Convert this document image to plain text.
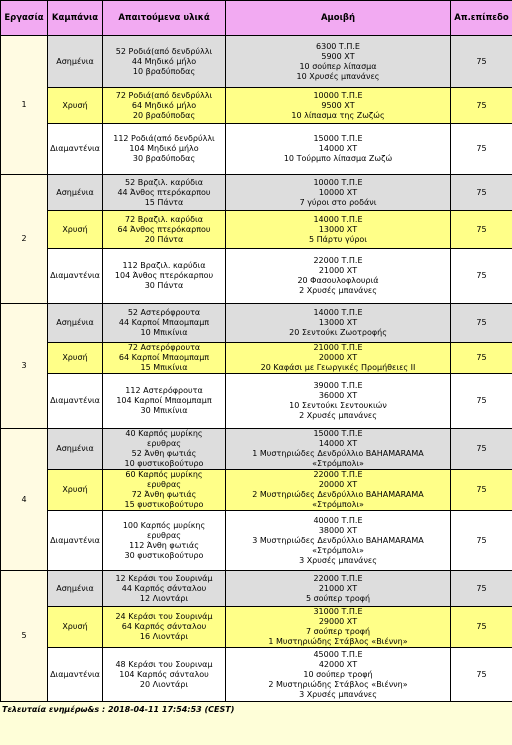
Εργασία	Καμπάνια	Απαιτούμενα υλικά	Αμοιβή	Απ.επίπεδο
1	Ασημένια	52 Ροδιά(από δενδρύλλι
44 Μηδικό μήλο
10 βραδύποδας	6300 Τ.Π.Ε
5900 ΧΤ
10 σούπερ λίπασμα
10 Χρυσές μπανάνες	75
	Χρυσή	72 Ροδιά(από δενδρύλλι
64 Μηδικό μήλο
20 βραδύποδας	10000 Τ.Π.Ε
9500 ΧΤ
10 λίπασμα της Ζωζώς	75
	Διαμαντένια	112 Ροδιά(από δενδρύλλι
104 Μηδικό μήλο
30 βραδύποδας	15000 Τ.Π.Ε
14000 ΧΤ
10 Τούρμπο λίπασμα Ζωζώ	75
2	Ασημένια	52 Βραζιλ. καρύδια
44 Άνθος πτερόκαρπου
15 Πάντα	10000 Τ.Π.Ε
10000 ΧΤ
7 γύροι στο ροδάνι	75
	Χρυσή	72 Βραζιλ. καρύδια
64 Άνθος πτερόκαρπου
20 Πάντα	14000 Τ.Π.Ε
13000 ΧΤ
5 Πάρτυ γύροι	75
	Διαμαντένια	112 Βραζιλ. καρύδια
104 Άνθος πτερόκαρπου
30 Πάντα	22000 Τ.Π.Ε
21000 ΧΤ
20 Φασουλοφλουριά
2 Χρυσές μπανάνες	75
3	Ασημένια	52 Αστερόφρουτα
44 Καρποί Μπαομπαμπ
10 Μπικίνια	14000 Τ.Π.Ε
13000 ΧΤ
20 Σεντούκι Ζωοτροφής	75
	Χρυσή	72 Αστερόφρουτα
64 Καρποί Μπαομπαμπ
15 Μπικίνια	21000 Τ.Π.Ε
20000 ΧΤ
20 Καφάσι με Γεωργικές Προμήθειες II	75
	Διαμαντένια	112 Αστερόφρουτα
104 Καρποί Μπαομπαμπ
30 Μπικίνια	39000 Τ.Π.Ε
36000 ΧΤ
10 Σεντούκι Σεντουκιών
2 Χρυσές μπανάνες	75
4	Ασημένια	40 Καρπός μυρίκης
ερυθρας
52 Άνθη φωτιάς
10 φυστικοβούτυρο	15000 Τ.Π.Ε
14000 ΧΤ
1 Μυστηριώδες Δενδρύλλιο BAHAMARAMA
«Στρόμπολι»	75
	Χρυσή	60 Καρπός μυρίκης
ερυθρας
72 Άνθη φωτιάς
15 φυστικοβούτυρο	22000 Τ.Π.Ε
20000 ΧΤ
2 Μυστηριώδες Δενδρύλλιο BAHAMARAMA
«Στρόμπολι»	75
	Διαμαντένια	100 Καρπός μυρίκης
ερυθρας
112 Άνθη φωτιάς
30 φυστικοβούτυρο	40000 Τ.Π.Ε
38000 ΧΤ
3 Μυστηριώδες Δενδρύλλιο BAHAMARAMA
«Στρόμπολι»
3 Χρυσές μπανάνες	75
5	Ασημένια	12 Κεράσι του Σουρινάμ
44 Καρπός σάνταλου
12 Λιοντάρι	22000 Τ.Π.Ε
21000 ΧΤ
5 σούπερ τροφή	75
	Χρυσή	24 Κεράσι του Σουρινάμ
64 Καρπός σάνταλου
16 Λιοντάρι	31000 Τ.Π.Ε
29000 ΧΤ
7 σούπερ τροφή
1 Μυστηριώδης Στάβλος «Βιέννη»	75
	Διαμαντένια	48 Κεράσι του Σουριναμ
104 Καρπός σάνταλου
20 Λιοντάρι	45000 Τ.Π.Ε
42000 ΧΤ
10 σούπερ τροφή
2 Μυστηριώδης Στάβλος «Βιέννη»
3 Χρυσές μπανάνες	75
Τελευταία ενημέρω&s : 2018-04-11 17:54:53 (CEST)
